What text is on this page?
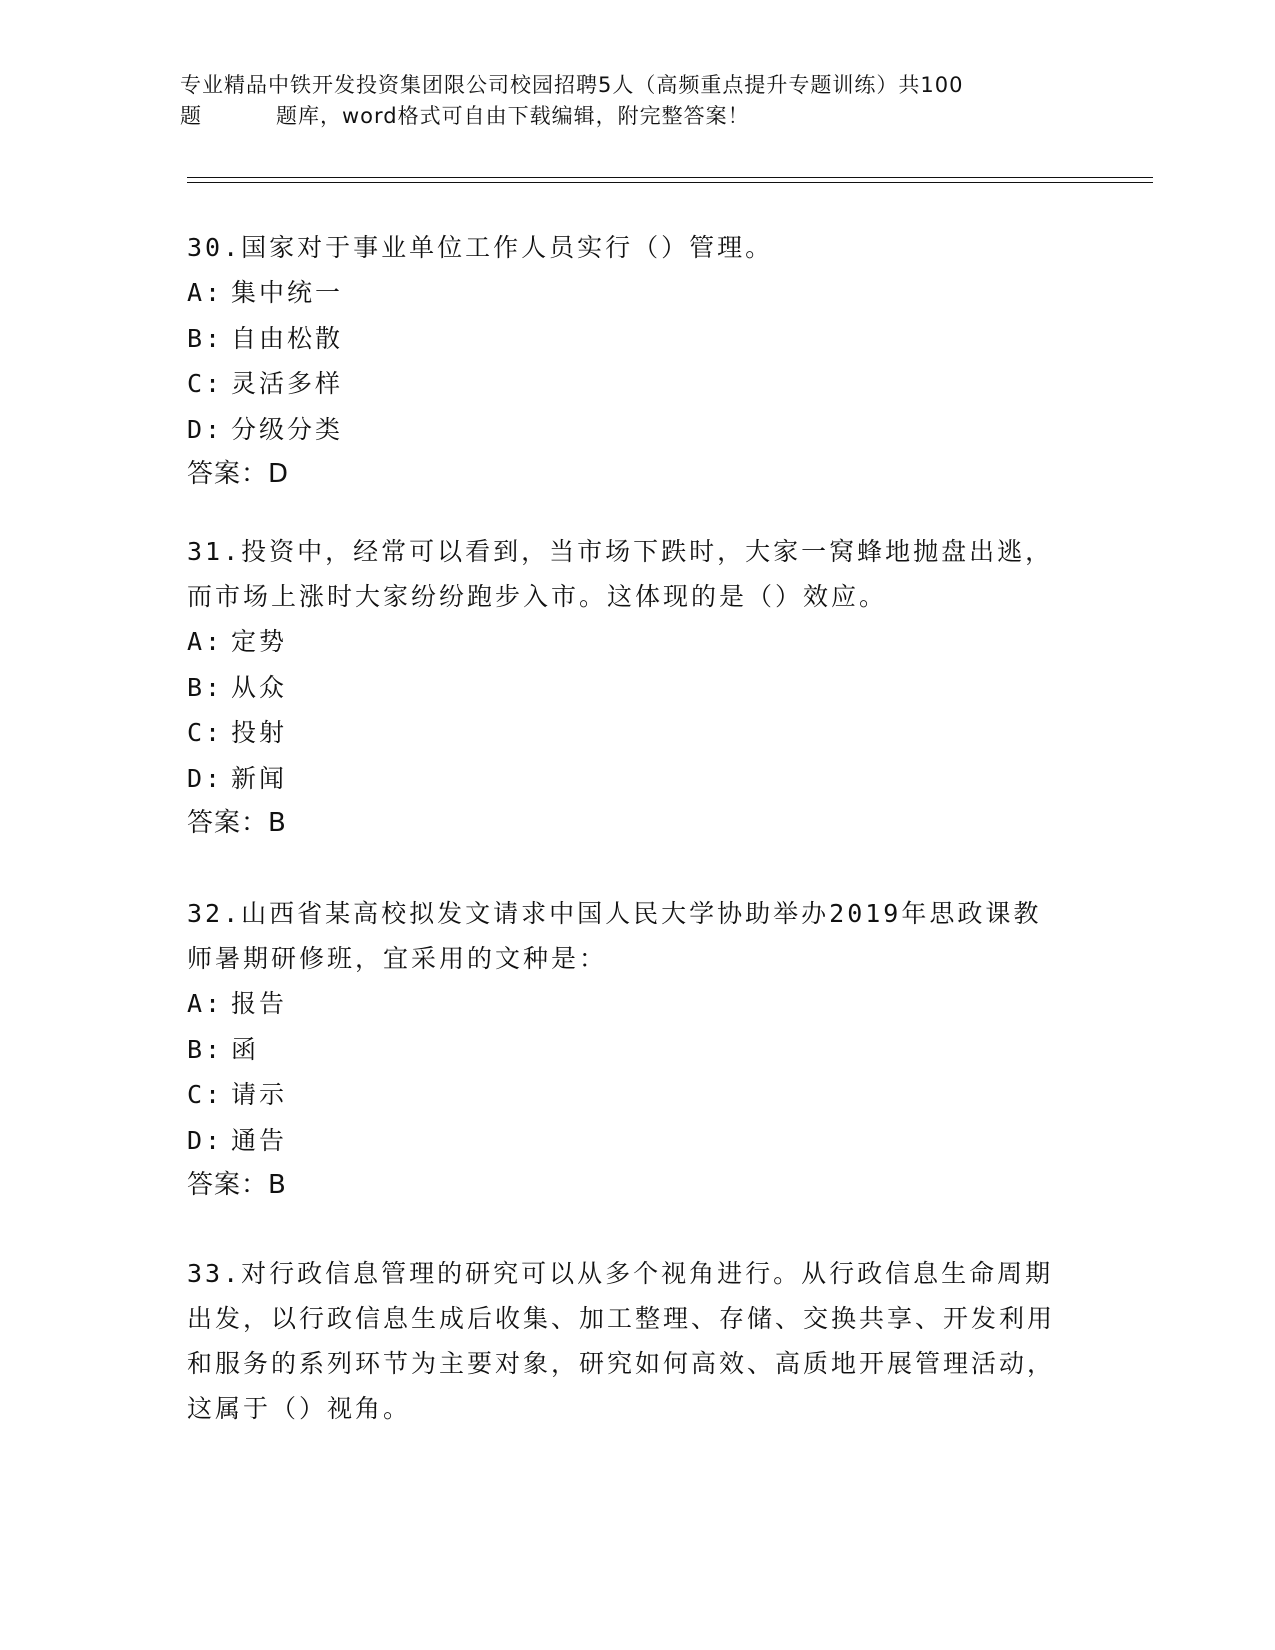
专业精品中铁开发投资集团限公司校园招聘5人（高频重点提升专题训练）共100
题	题库，word格式可自由下载编辑，附完整答案！
30.国家对于事业单位工作人员实行（）管理。
A: 集中统一
B: 自由松散
C: 灵活多样
D: 分级分类
答案：D
31.投资中，经常可以看到，当市场下跌时，大家一窝蜂地抛盘出逃，而市场上涨时大家纷纷跑步入市。这体现的是（）效应。
A: 定势
B: 从众
C: 投射
D: 新闻
答案：B
32.山西省某高校拟发文请求中国人民大学协助举办2019年思政课教师暑期研修班，宜采用的文种是：
A: 报告
B: 函
C: 请示
D: 通告
答案：B
33.对行政信息管理的研究可以从多个视角进行。从行政信息生命周期出发，以行政信息生成后收集、加工整理、存储、交换共享、开发利用和服务的系列环节为主要对象，研究如何高效、高质地开展管理活动，这属于（）视角。
